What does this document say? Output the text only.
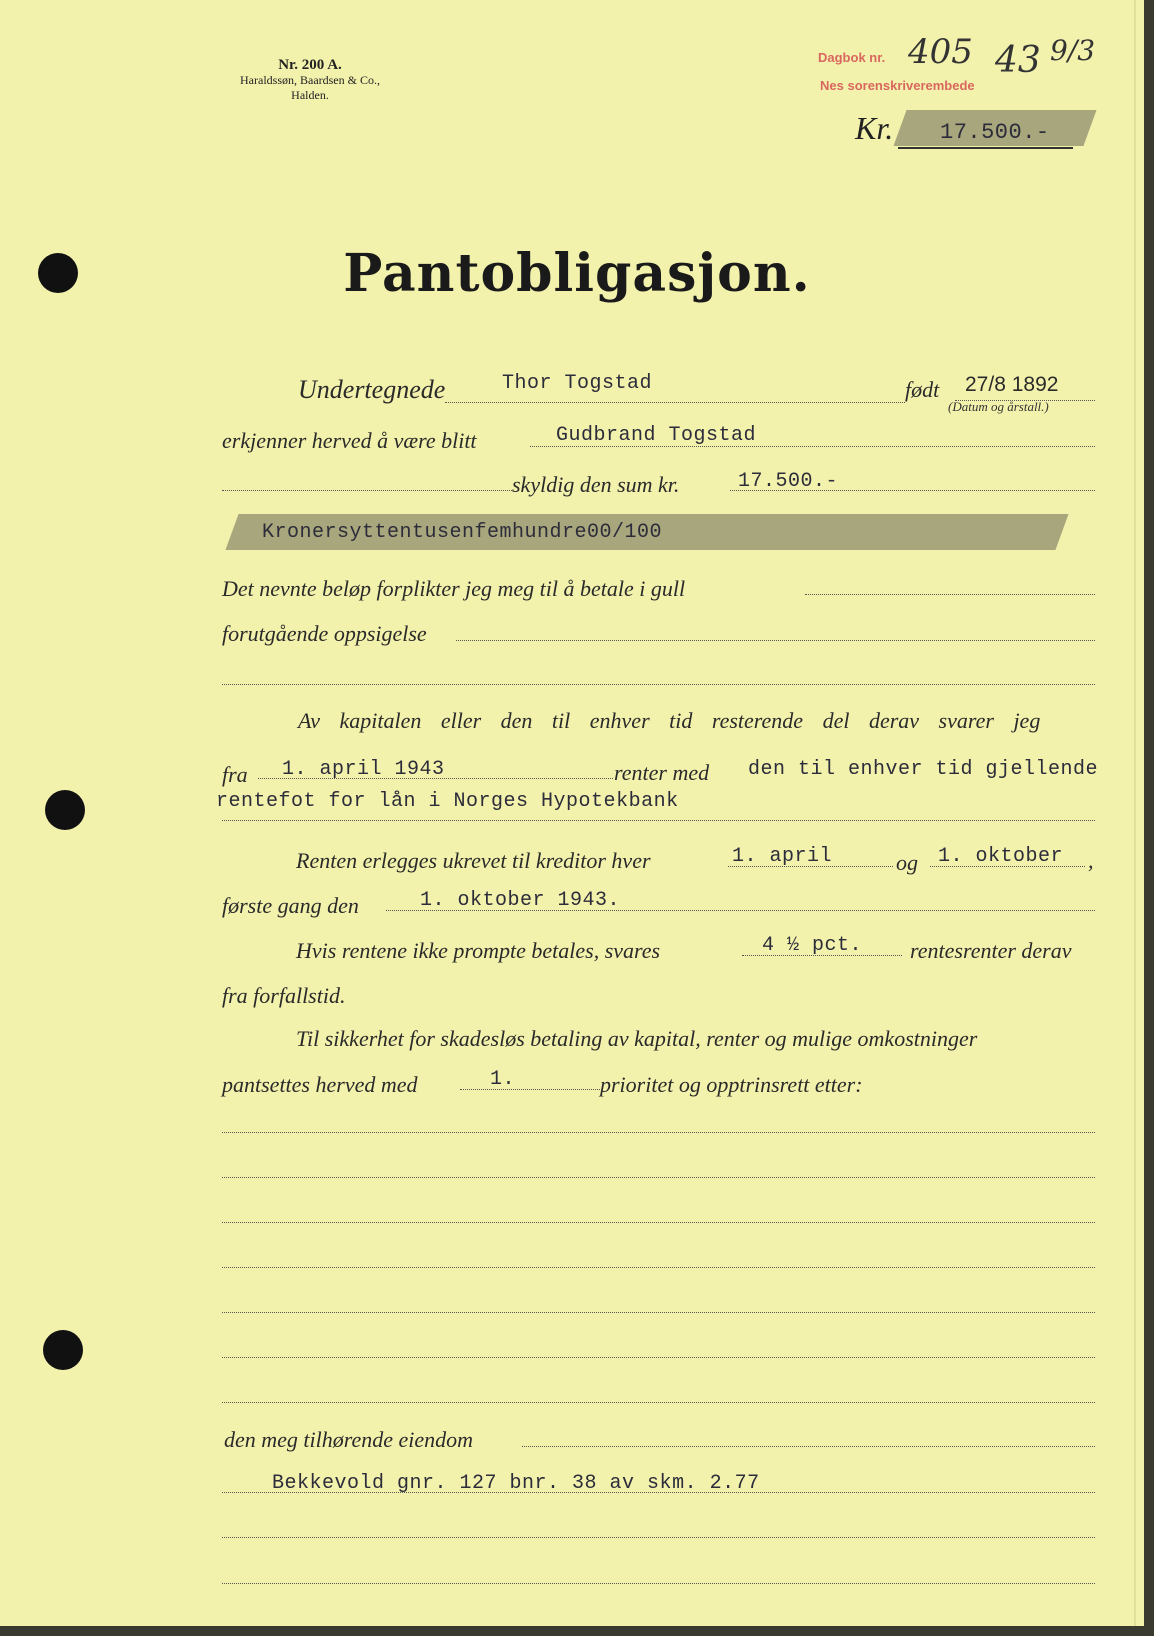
Nr. 200 A.
Haraldssøn, Baardsen & Co.,
Halden.
Dagbok nr.
Nes sorenskriverembede
405 43 9/3
Kr. 17.500.-
Pantobligasjon.
Undertegnede	Thor Togstad	født 27/8 1892
(Datum og årstall.)
erkjenner herved å være blitt	Gudbrand Togstad
skyldig den sum kr.	17.500.-
Kronersyttentusenfemhundre00/100
Det nevnte beløp forplikter jeg meg til å betale i gull
forutgående oppsigelse
Av kapitalen eller den til enhver tid resterende del derav svarer jeg
fra 1. april 1943	renter med den til enhver tid gjellende
rentefot for lån i Norges Hypotekbank
Renten erlegges ukrevet til kreditor hver	1. april	og 1. oktober ,
første gang den	1. oktober 1943.
Hvis rentene ikke prompte betales, svares	4 ½ pct. rentesrenter derav
fra forfallstid.
Til sikkerhet for skadesløs betaling av kapital, renter og mulige omkostninger
pantsettes herved med	1.	prioritet og opptrinsrett etter:
den meg tilhørende eiendom
Bekkevold gnr. 127 bnr. 38 av skm. 2.77
